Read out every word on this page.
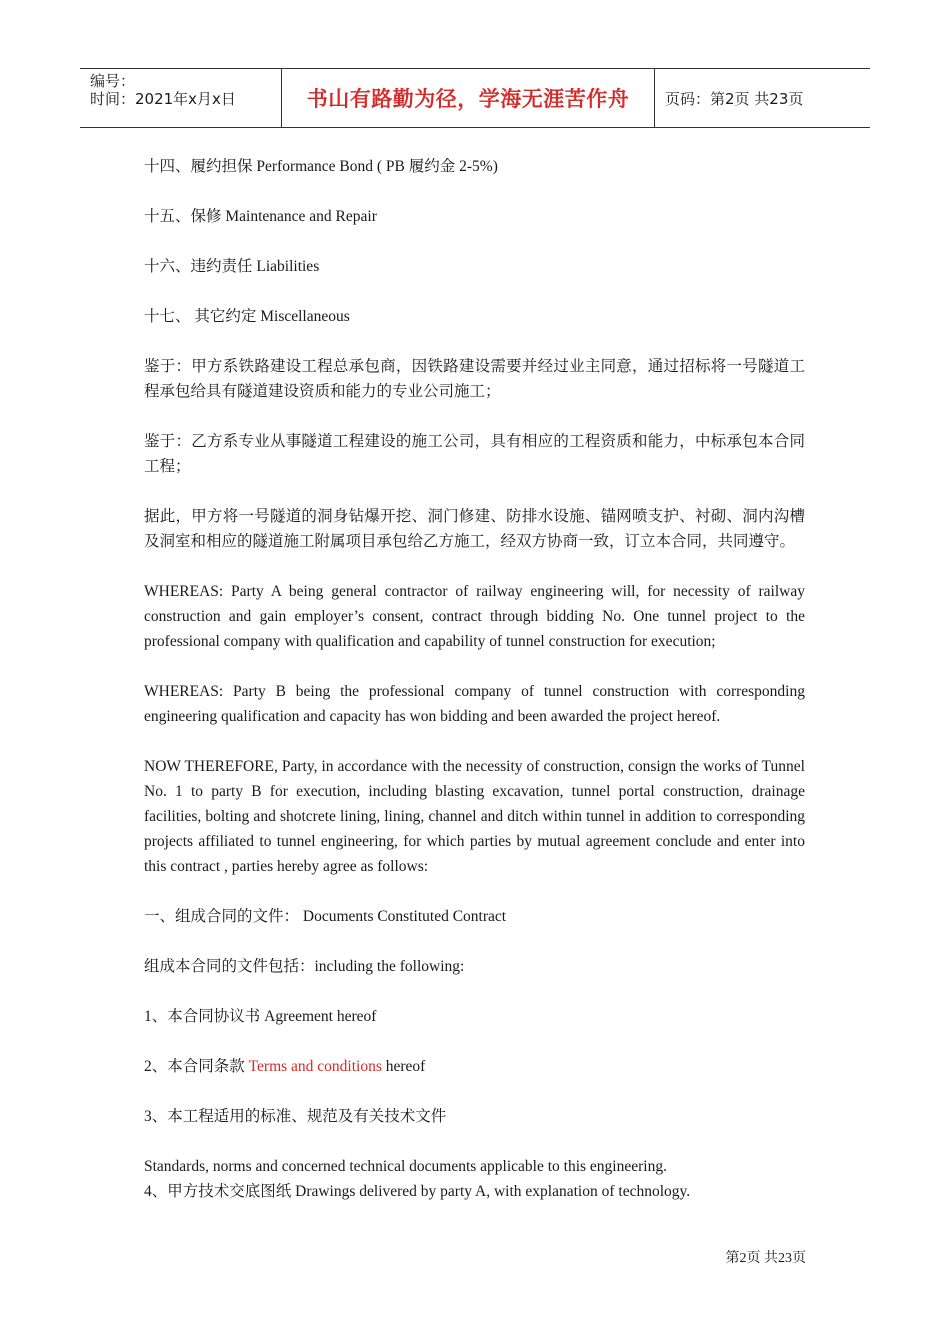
编号：
时间：2021年x月x日	书山有路勤为径，学海无涯苦作舟 页码：第2页 共23页

十四、履约担保 Performance Bond ( PB 履约金 2-5%)

十五、保修 Maintenance and Repair

十六、违约责任 Liabilities

十七、 其它约定 Miscellaneous

鉴于：甲方系铁路建设工程总承包商，因铁路建设需要并经过业主同意，通过招标将一号隧道工程承包给具有隧道建设资质和能力的专业公司施工；

鉴于：乙方系专业从事隧道工程建设的施工公司，具有相应的工程资质和能力，中标承包本合同工程；

据此，甲方将一号隧道的洞身钻爆开挖、洞门修建、防排水设施、锚网喷支护、衬砌、洞内沟槽及洞室和相应的隧道施工附属项目承包给乙方施工，经双方协商一致，订立本合同，共同遵守。

WHEREAS: Party A being general contractor of railway engineering will, for necessity of railway construction and gain employer’s consent, contract through bidding No. One tunnel project to the professional company with qualification and capability of tunnel construction for execution;

WHEREAS: Party B being the professional company of tunnel construction with corresponding engineering qualification and capacity has won bidding and been awarded the project hereof.

NOW THEREFORE, Party, in accordance with the necessity of construction, consign the works of Tunnel No. 1 to party B for execution, including blasting excavation, tunnel portal construction, drainage facilities, bolting and shotcrete lining, lining, channel and ditch within tunnel in addition to corresponding projects affiliated to tunnel engineering, for which parties by mutual agreement conclude and enter into this contract , parties hereby agree as follows:

一、组成合同的文件： Documents Constituted Contract

组成本合同的文件包括：including the following:

1、本合同协议书 Agreement hereof

2、本合同条款 Terms and conditions hereof

3、本工程适用的标准、规范及有关技术文件

Standards, norms and concerned technical documents applicable to this engineering.

4、甲方技术交底图纸 Drawings delivered by party A, with explanation of technology.

第2页 共23页
